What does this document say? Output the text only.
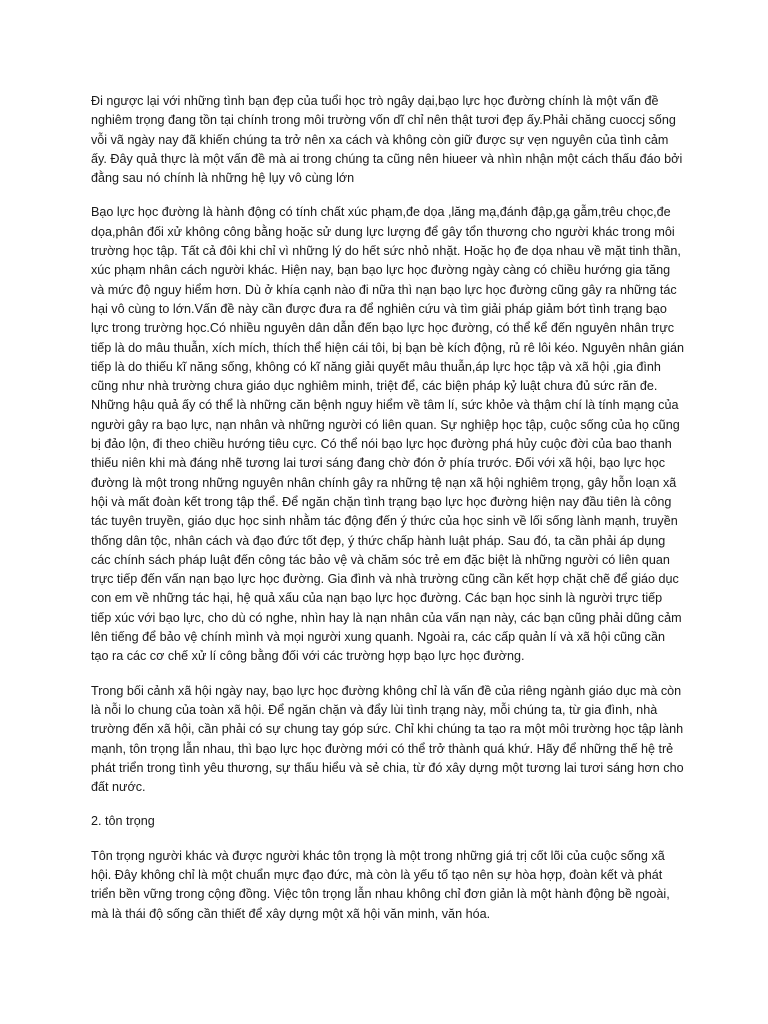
Đi ngược lại với những tình bạn đẹp của tuổi học trò ngây dại,bạo lực học đường chính là một vấn đề nghiêm trọng đang tồn tại chính trong môi trường vốn dĩ chỉ nên thật tươi đẹp ấy.Phải chăng cuoccj sống vỗi vã ngày nay đã khiến chúng ta trở nên xa cách và không còn giữ được sự vẹn nguyên của tình cảm ấy. Đây quả thực là một vấn đề mà ai trong chúng ta cũng nên hiueer và nhìn nhận một cách thấu đáo bởi đằng sau nó chính là những hệ lụy vô cùng lớn

Bạo lực học đường là hành động có tính chất xúc phạm,đe dọa ,lăng mạ,đánh đập,gạ gẫm,trêu chọc,đe dọa,phân đối xử không công bằng hoặc sử dung lực lượng để gây tổn thương cho người khác trong môi trường học tập. Tất cả đôi khi chỉ vì những lý do hết sức nhỏ nhặt. Hoặc họ đe dọa nhau về mặt tinh thần, xúc phạm nhân cách người khác. Hiện nay, bạn bạo lực học đường ngày càng có chiều hướng gia tăng và mức độ nguy hiểm hơn. Dù ở khía cạnh nào đi nữa thì nạn bạo lực học đường cũng gây ra những tác hại vô cùng to lớn.Vấn đề này cần được đưa ra để nghiên cứu và tìm giải pháp giảm bớt tình trạng bạo lực trong trường học.Có nhiều nguyên dân dẫn đến bạo lực học đường, có thể kể đến nguyên nhân trực tiếp là do mâu thuẫn, xích mích, thích thể hiện cái tôi, bị bạn bè kích động, rủ rê lôi kéo. Nguyên nhân gián tiếp là do thiếu kĩ năng sống, không có kĩ năng giải quyết mâu thuẫn,áp lực học tập và xã hội ,gia đình cũng như nhà trường chưa giáo dục nghiêm minh, triệt để, các biện pháp kỷ luật chưa đủ sức răn đe. Những hậu quả ấy có thể là những căn bệnh nguy hiểm về tâm lí, sức khỏe và thậm chí là tính mạng của người gây ra bạo lực, nạn nhân và những người có liên quan. Sự nghiệp học tập, cuộc sống của họ cũng bị đảo lộn, đi theo chiều hướng tiêu cực. Có thể nói bạo lực học đường phá hủy cuộc đời của bao thanh thiếu niên khi mà đáng nhẽ tương lai tươi sáng đang chờ đón ở phía trước. Đối với xã hội, bạo lực học đường là một trong những nguyên nhân chính gây ra những tệ nạn xã hội nghiêm trọng, gây hỗn loạn xã hội và mất đoàn kết trong tập thể. Để ngăn chặn tình trạng bạo lực học đường hiện nay đầu tiên là công tác tuyên truyền, giáo dục học sinh nhằm tác động đến ý thức của học sinh về lối sống lành mạnh, truyền thống dân tộc, nhân cách và đạo đức tốt đẹp, ý thức chấp hành luật pháp. Sau đó, ta cần phải áp dụng các chính sách pháp luật đến công tác bảo vệ và chăm sóc trẻ em đặc biệt là những người có liên quan trực tiếp đến vấn nạn bạo lực học đường. Gia đình và nhà trường cũng cần kết hợp chặt chẽ để giáo dục con em về những tác hại, hệ quả xấu của nạn bạo lực học đường. Các bạn học sinh là người trực tiếp tiếp xúc với bạo lực, cho dù có nghe, nhìn hay là nạn nhân của vấn nạn này, các bạn cũng phải dũng cảm lên tiếng để bảo vệ chính mình và mọi người xung quanh. Ngoài ra, các cấp quản lí và xã hội cũng cần tạo ra các cơ chế xử lí công bằng đối với các trường hợp bạo lực học đường.

Trong bối cảnh xã hội ngày nay, bạo lực học đường không chỉ là vấn đề của riêng ngành giáo dục mà còn là nỗi lo chung của toàn xã hội. Để ngăn chặn và đẩy lùi tình trạng này, mỗi chúng ta, từ gia đình, nhà trường đến xã hội, cần phải có sự chung tay góp sức. Chỉ khi chúng ta tạo ra một môi trường học tập lành mạnh, tôn trọng lẫn nhau, thì bạo lực học đường mới có thể trở thành quá khứ. Hãy để những thế hệ trẻ phát triển trong tình yêu thương, sự thấu hiểu và sẻ chia, từ đó xây dựng một tương lai tươi sáng hơn cho đất nước.

2. tôn trọng

Tôn trọng người khác và được người khác tôn trọng là một trong những giá trị cốt lõi của cuộc sống xã hội. Đây không chỉ là một chuẩn mực đạo đức, mà còn là yếu tố tạo nên sự hòa hợp, đoàn kết và phát triển bền vững trong cộng đồng. Việc tôn trọng lẫn nhau không chỉ đơn giản là một hành động bề ngoài, mà là thái độ sống cần thiết để xây dựng một xã hội văn minh, văn hóa.
